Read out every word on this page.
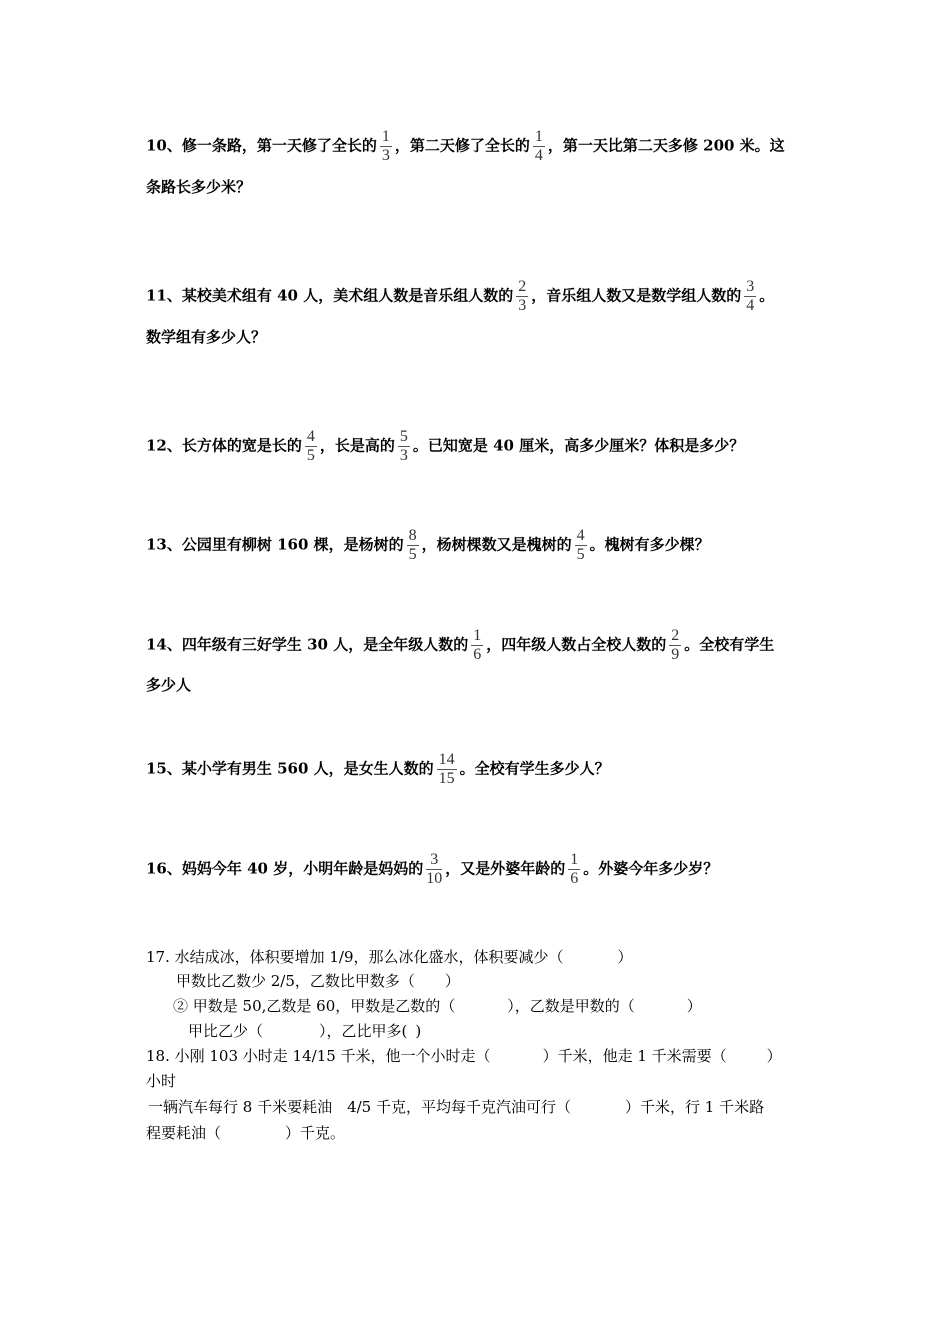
10、修一条路，第一天修了全长的 $\frac{1}{3}$ ，第二天修了全长的 $\frac{1}{4}$ ，第一天比第二天多修 200 米。这
条路长多少米？
11、某校美术组有 40 人，美术组人数是音乐组人数的 $\frac{2}{3}$ ，音乐组人数又是数学组人数的 $\frac{3}{4}$ 。
数学组有多少人？
12、长方体的宽是长的 $\frac{4}{5}$ ，长是高的 $\frac{5}{3}$ 。已知宽是 40 厘米，高多少厘米？体积是多少？
13、公园里有柳树 160 棵，是杨树的 $\frac{8}{5}$ ，杨树棵数又是槐树的 $\frac{4}{5}$ 。槐树有多少棵？
14、四年级有三好学生 30 人，是全年级人数的 $\frac{1}{6}$ ，四年级人数占全校人数的 $\frac{2}{9}$ 。全校有学生
多少人
15、某小学有男生 560 人，是女生人数的 $\frac{14}{15}$ 。全校有学生多少人？
16、妈妈今年 40 岁，小明年龄是妈妈的 $\frac{3}{10}$ ，又是外婆年龄的 $\frac{1}{6}$ 。外婆今年多少岁？
17. 水结成冰，体积要增加 1/9，那么冰化盛水，体积要减少（	）
甲数比乙数少 2/5，乙数比甲数多（ ）
② 甲数是 50,乙数是 60，甲数是乙数的（	），乙数是甲数的（	）
甲比乙少（	），乙比甲多( )
18. 小刚 103 小时走 14/15 千米，他一个小时走（	）千米，他走 1 千米需要（	）
小时
一辆汽车每行 8 千米要耗油　4/5 千克，平均每千克汽油可行（	）千米，行 1 千米路
程要耗油（	）千克。
